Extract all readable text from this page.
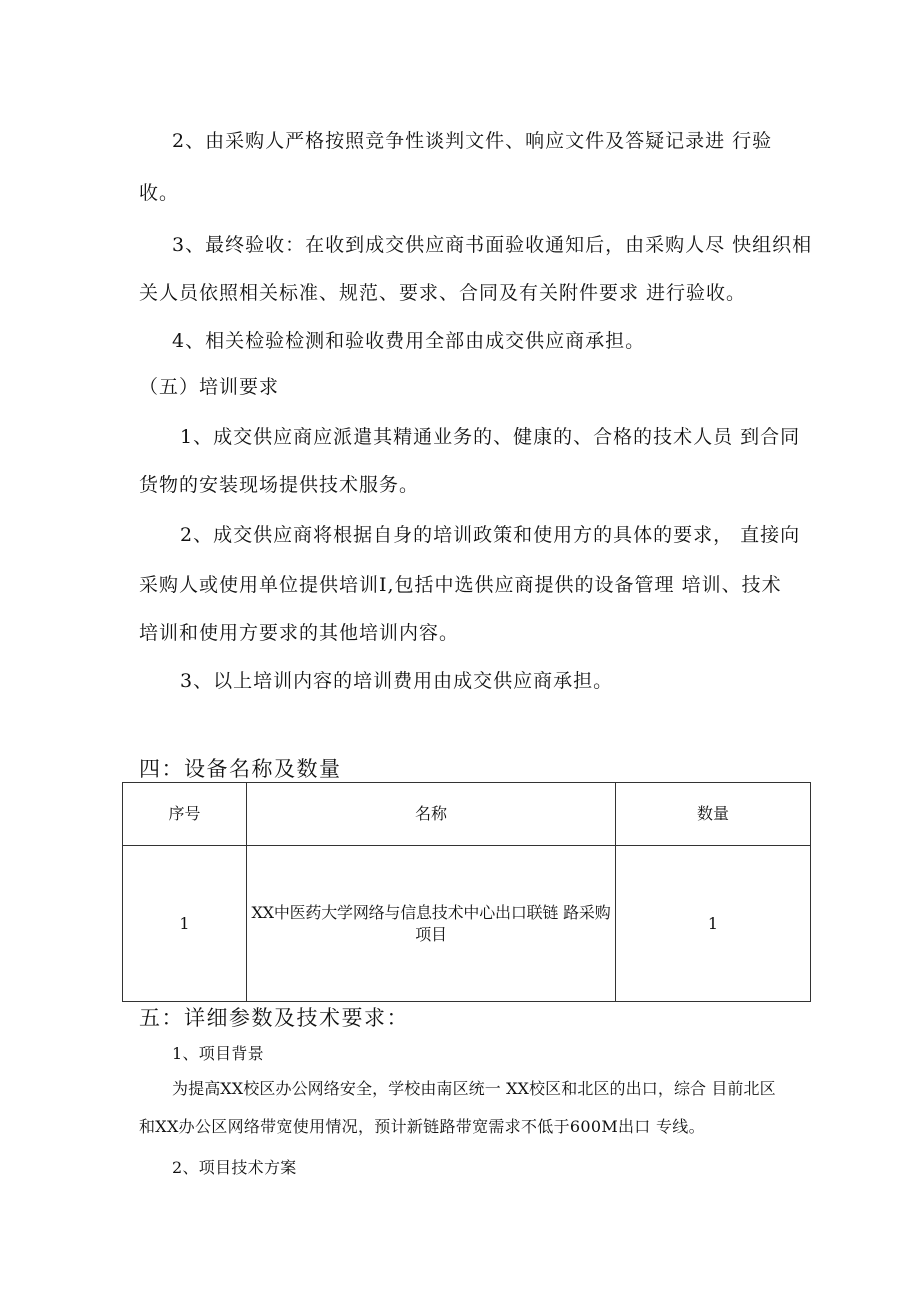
2、由采购人严格按照竞争性谈判文件、响应文件及答疑记录进 行验
收。
3、最终验收：在收到成交供应商书面验收通知后，由采购人尽 快组织相
关人员依照相关标准、规范、要求、合同及有关附件要求 进行验收。
4、相关检验检测和验收费用全部由成交供应商承担。
（五）培训要求
1、成交供应商应派遣其精通业务的、健康的、合格的技术人员 到合同
货物的安装现场提供技术服务。
2、成交供应商将根据自身的培训政策和使用方的具体的要求， 直接向
采购人或使用单位提供培训I,包括中选供应商提供的设备管理 培训、技术
培训和使用方要求的其他培训内容。
3、以上培训内容的培训费用由成交供应商承担。
四：设备名称及数量
序号	名称	数量
1	XX中医药大学网络与信息技术中心出口联链 路采购项目	1
五：详细参数及技术要求：
1、项目背景
为提高XX校区办公网络安全，学校由南区统一 XX校区和北区的出口，综合 目前北区
和XX办公区网络带宽使用情况，预计新链路带宽需求不低于600M出口 专线。
2、项目技术方案
